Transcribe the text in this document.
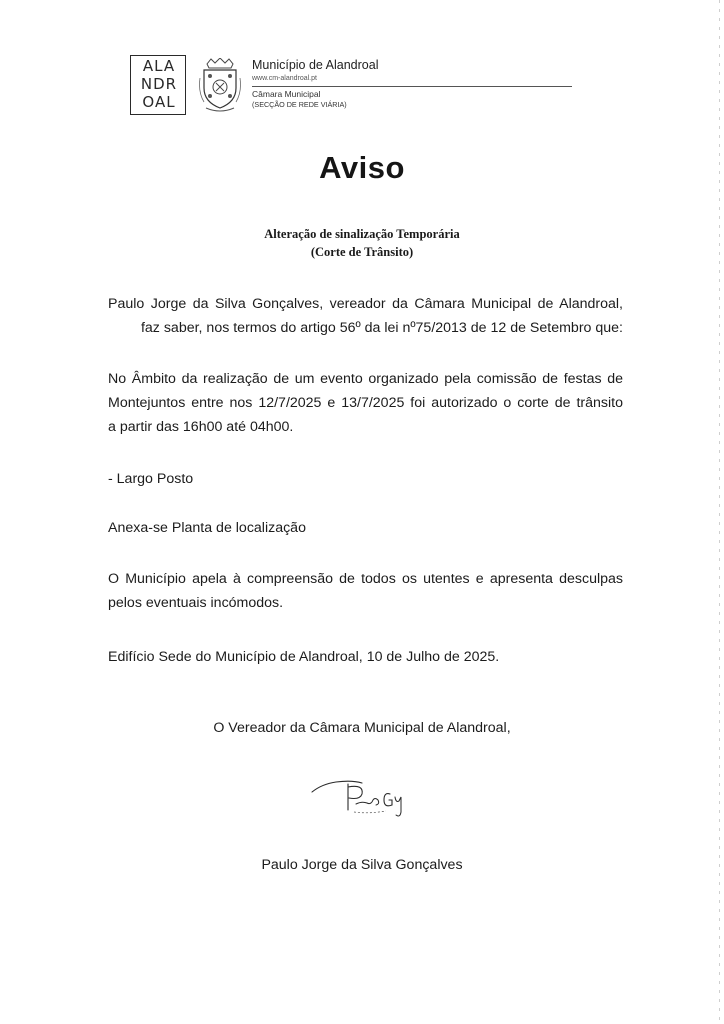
ALA
NDR
OAL
Município de Alandroal
www.cm-alandroal.pt
Câmara Municipal
(SECÇÃO DE REDE VIÁRIA)
Aviso
Alteração de sinalização Temporária
(Corte de Trânsito)
Paulo Jorge da Silva Gonçalves, vereador da Câmara Municipal de Alandroal,
faz saber, nos termos do artigo 56º da lei nº75/2013 de 12 de Setembro que:
No Âmbito da realização de um evento organizado pela comissão de festas de
Montejuntos entre nos 12/7/2025 e 13/7/2025 foi autorizado o corte de trânsito
a partir das 16h00 até 04h00.
- Largo Posto
Anexa-se Planta de localização
O Município apela à compreensão de todos os utentes e apresenta desculpas
pelos eventuais incómodos.
Edifício Sede do Município de Alandroal, 10 de Julho de 2025.
O Vereador da Câmara Municipal de Alandroal,
Paulo Jorge da Silva Gonçalves
